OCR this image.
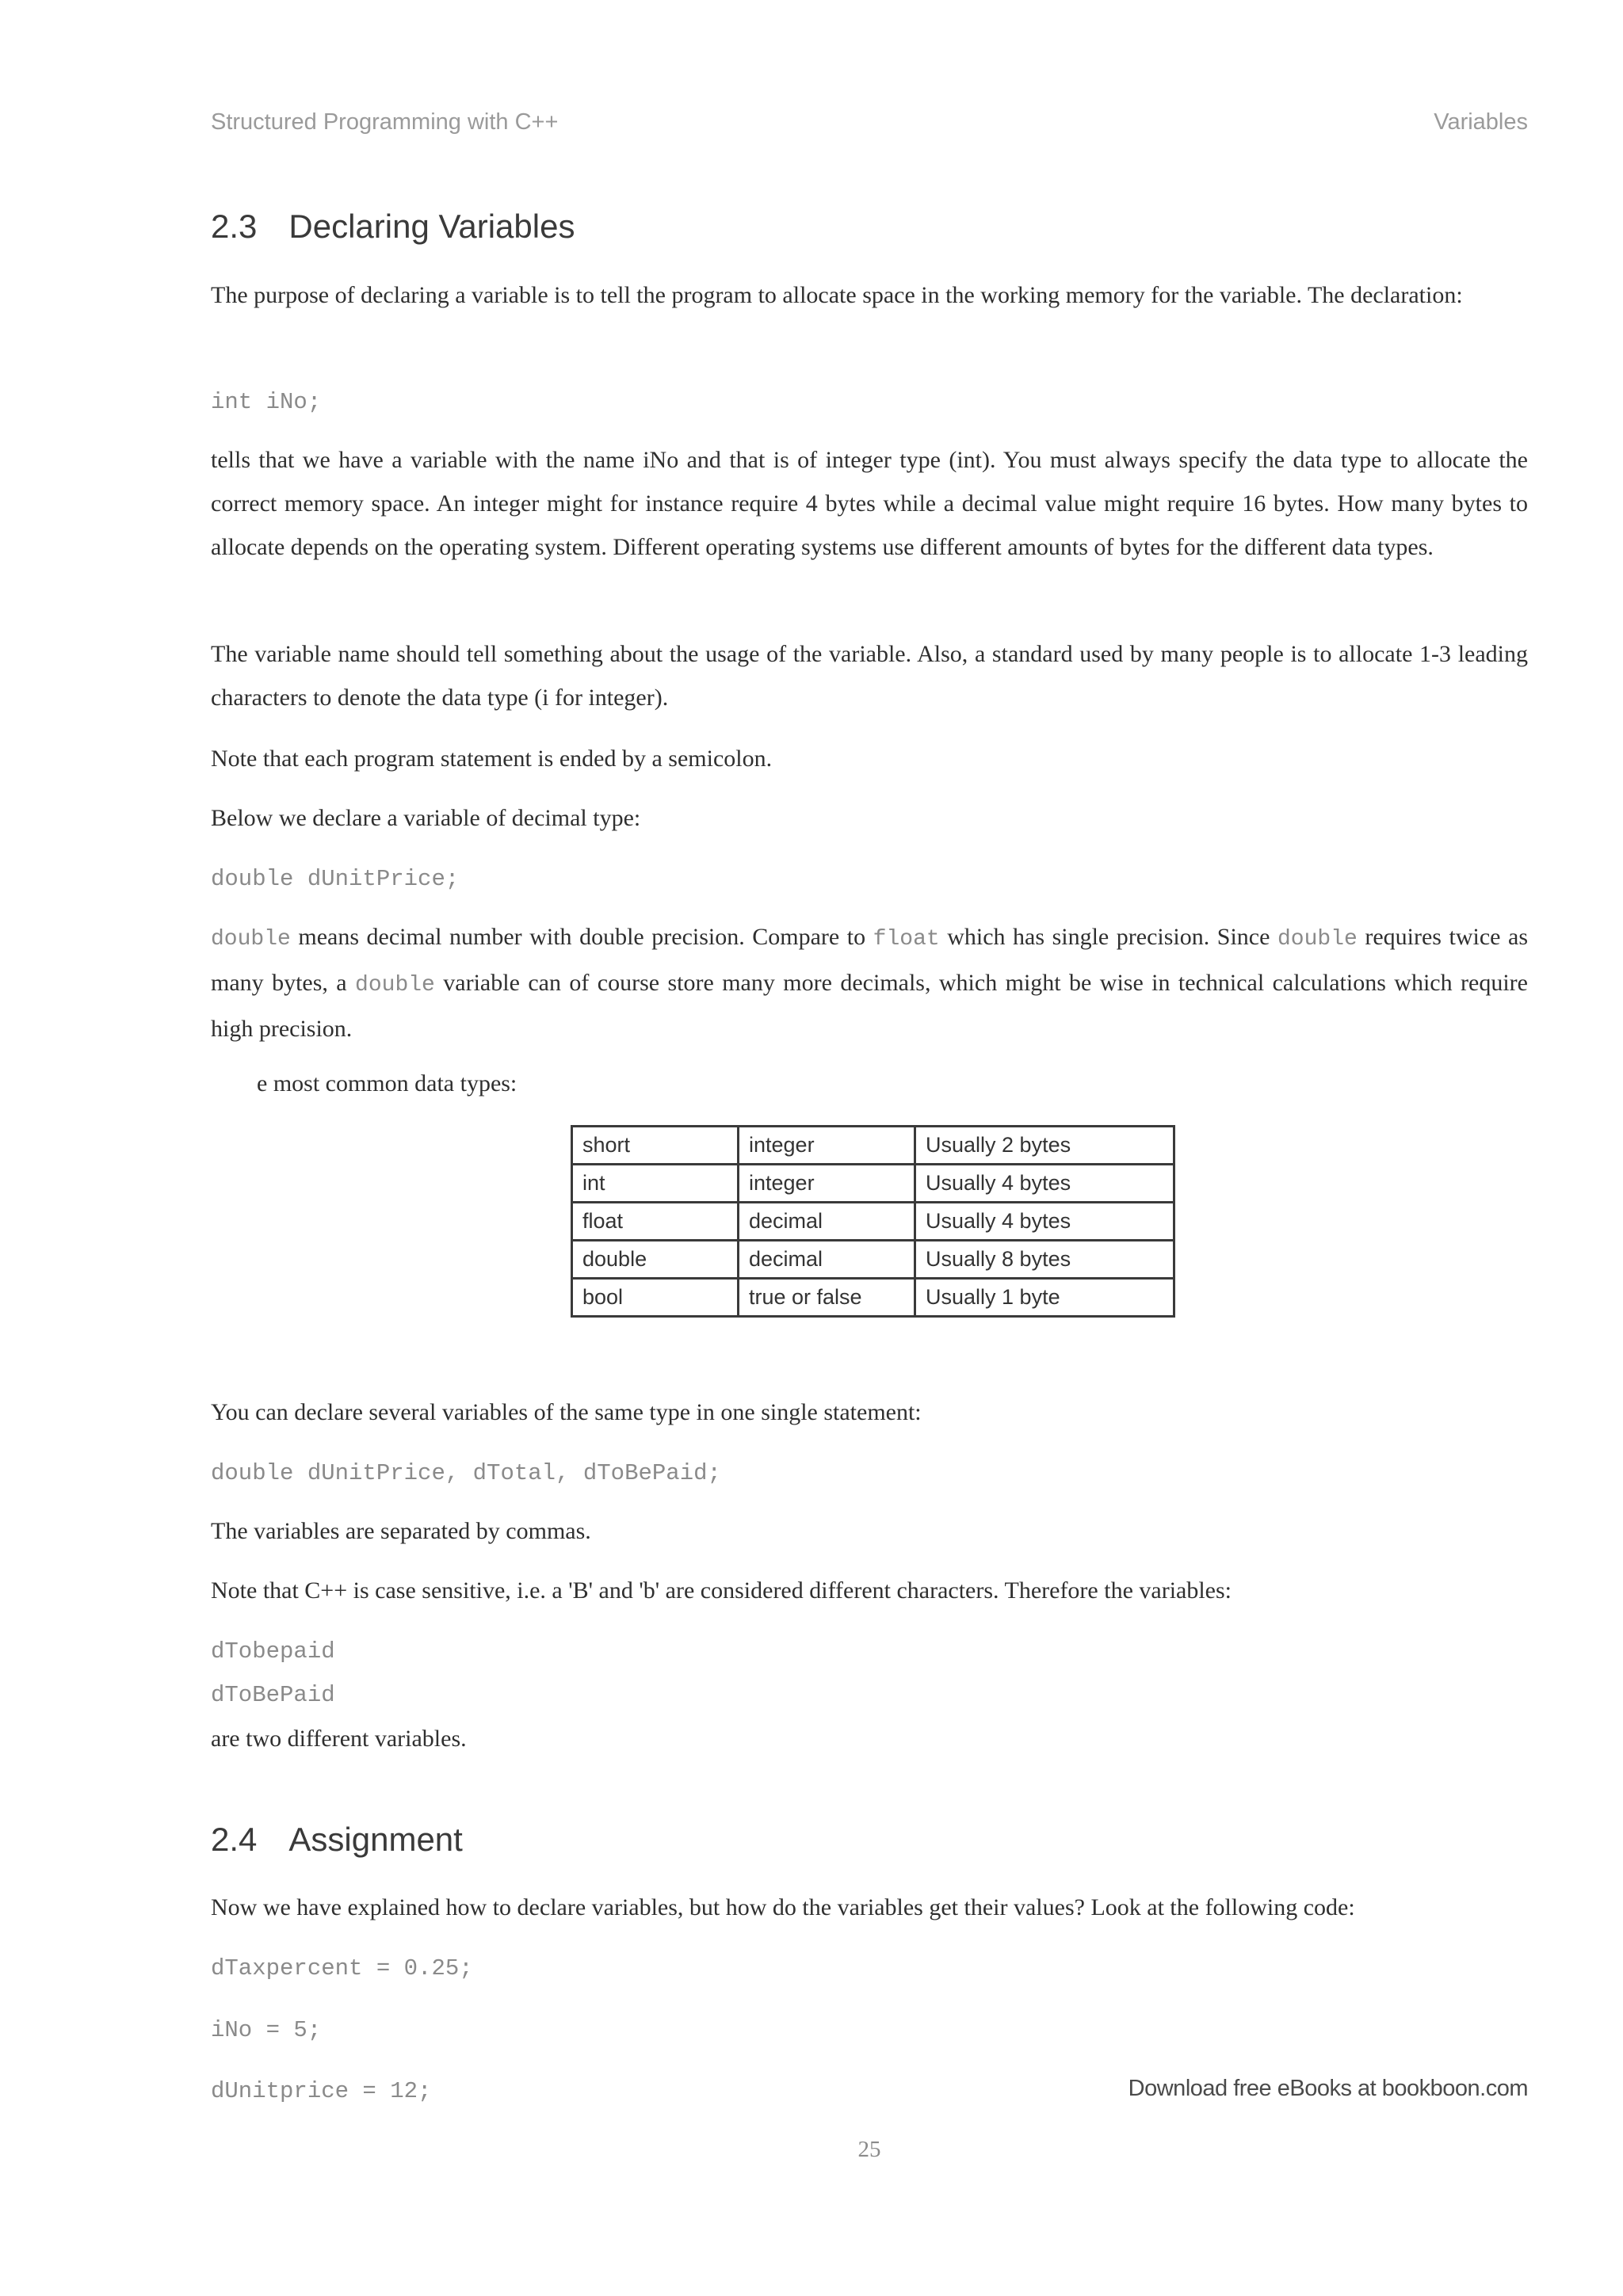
Structured Programming with C++	Variables
2.3 Declaring Variables
The purpose of declaring a variable is to tell the program to allocate space in the working memory for the variable. The declaration:
int iNo;
tells that we have a variable with the name iNo and that is of integer type (int). You must always specify the data type to allocate the correct memory space. An integer might for instance require 4 bytes while a decimal value might require 16 bytes. How many bytes to allocate depends on the operating system. Different operating systems use different amounts of bytes for the different data types.
The variable name should tell something about the usage of the variable. Also, a standard used by many people is to allocate 1-3 leading characters to denote the data type (i for integer).
Note that each program statement is ended by a semicolon.
Below we declare a variable of decimal type:
double dUnitPrice;
double means decimal number with double precision. Compare to float which has single precision. Since double requires twice as many bytes, a double variable can of course store many more decimals, which might be wise in technical calculations which require high precision.
e most common data types:
short	integer	Usually 2 bytes
int	integer	Usually 4 bytes
float	decimal	Usually 4 bytes
double	decimal	Usually 8 bytes
bool	true or false	Usually 1 byte
You can declare several variables of the same type in one single statement:
double dUnitPrice, dTotal, dToBePaid;
The variables are separated by commas.
Note that C++ is case sensitive, i.e. a 'B' and 'b' are considered different characters. Therefore the variables:
dTobepaid
dToBePaid
are two different variables.
2.4 Assignment
Now we have explained how to declare variables, but how do the variables get their values? Look at the following code:
dTaxpercent = 0.25;
iNo = 5;
dUnitprice = 12;	Download free eBooks at bookboon.com
25
